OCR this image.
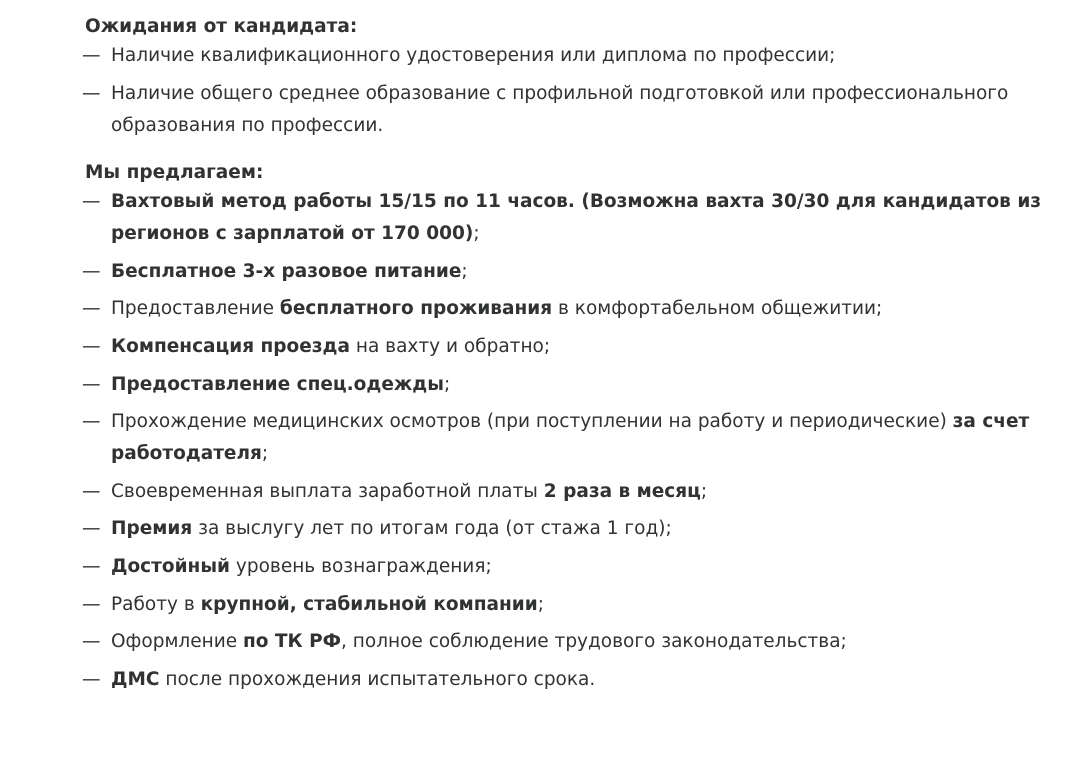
Ожидания от кандидата:

— Наличие квалификационного удостоверения или диплома по профессии;
— Наличие общего среднее образование с профильной подготовкой или профессионального образования по профессии.

Мы предлагаем:

— Вахтовый метод работы 15/15 по 11 часов. (Возможна вахта 30/30 для кандидатов из регионов с зарплатой от 170 000);
— Бесплатное 3-х разовое питание;
— Предоставление бесплатного проживания в комфортабельном общежитии;
— Компенсация проезда на вахту и обратно;
— Предоставление спец.одежды;
— Прохождение медицинских осмотров (при поступлении на работу и периодические) за счет работодателя;
— Своевременная выплата заработной платы 2 раза в месяц;
— Премия за выслугу лет по итогам года (от стажа 1 год);
— Достойный уровень вознаграждения;
— Работу в крупной, стабильной компании;
— Оформление по ТК РФ, полное соблюдение трудового законодательства;
— ДМС после прохождения испытательного срока.
